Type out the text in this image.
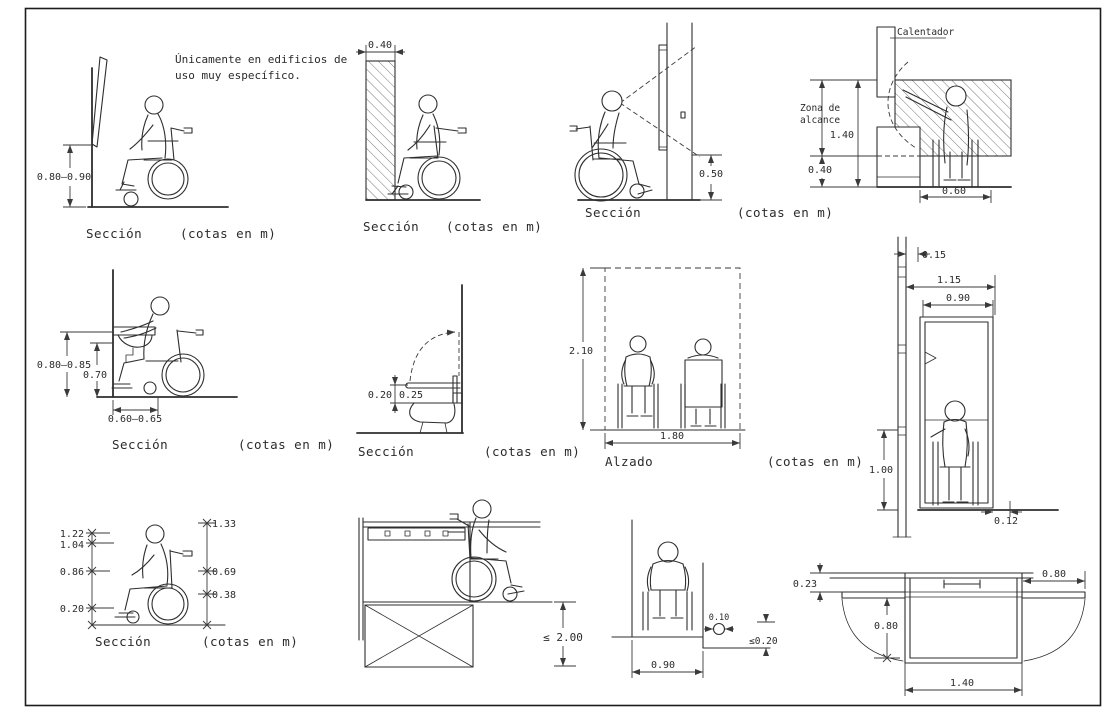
0.80–0.90
Únicamente en edificios de
uso muy específico.
Sección	(cotas en m)
0.40
Sección (cotas en m)
0.50
Sección	(cotas en m)
Calentador
Zona de
alcance
0.40
1.40
0.60
0.80–0.85
0.70
0.60–0.65
Sección	(cotas en m)
0.20 0.25
Sección	(cotas en m)
2.10
1.80
Alzado	(cotas en m)
0.15
1.15
0.90
1.00
0.12
1.22
1.04
0.86
0.20
1.33
0.69
0.38
Sección	(cotas en m)	≤ 2.00
0.10
≤0.20
0.90
0.23
0.80
0.80
1.40
